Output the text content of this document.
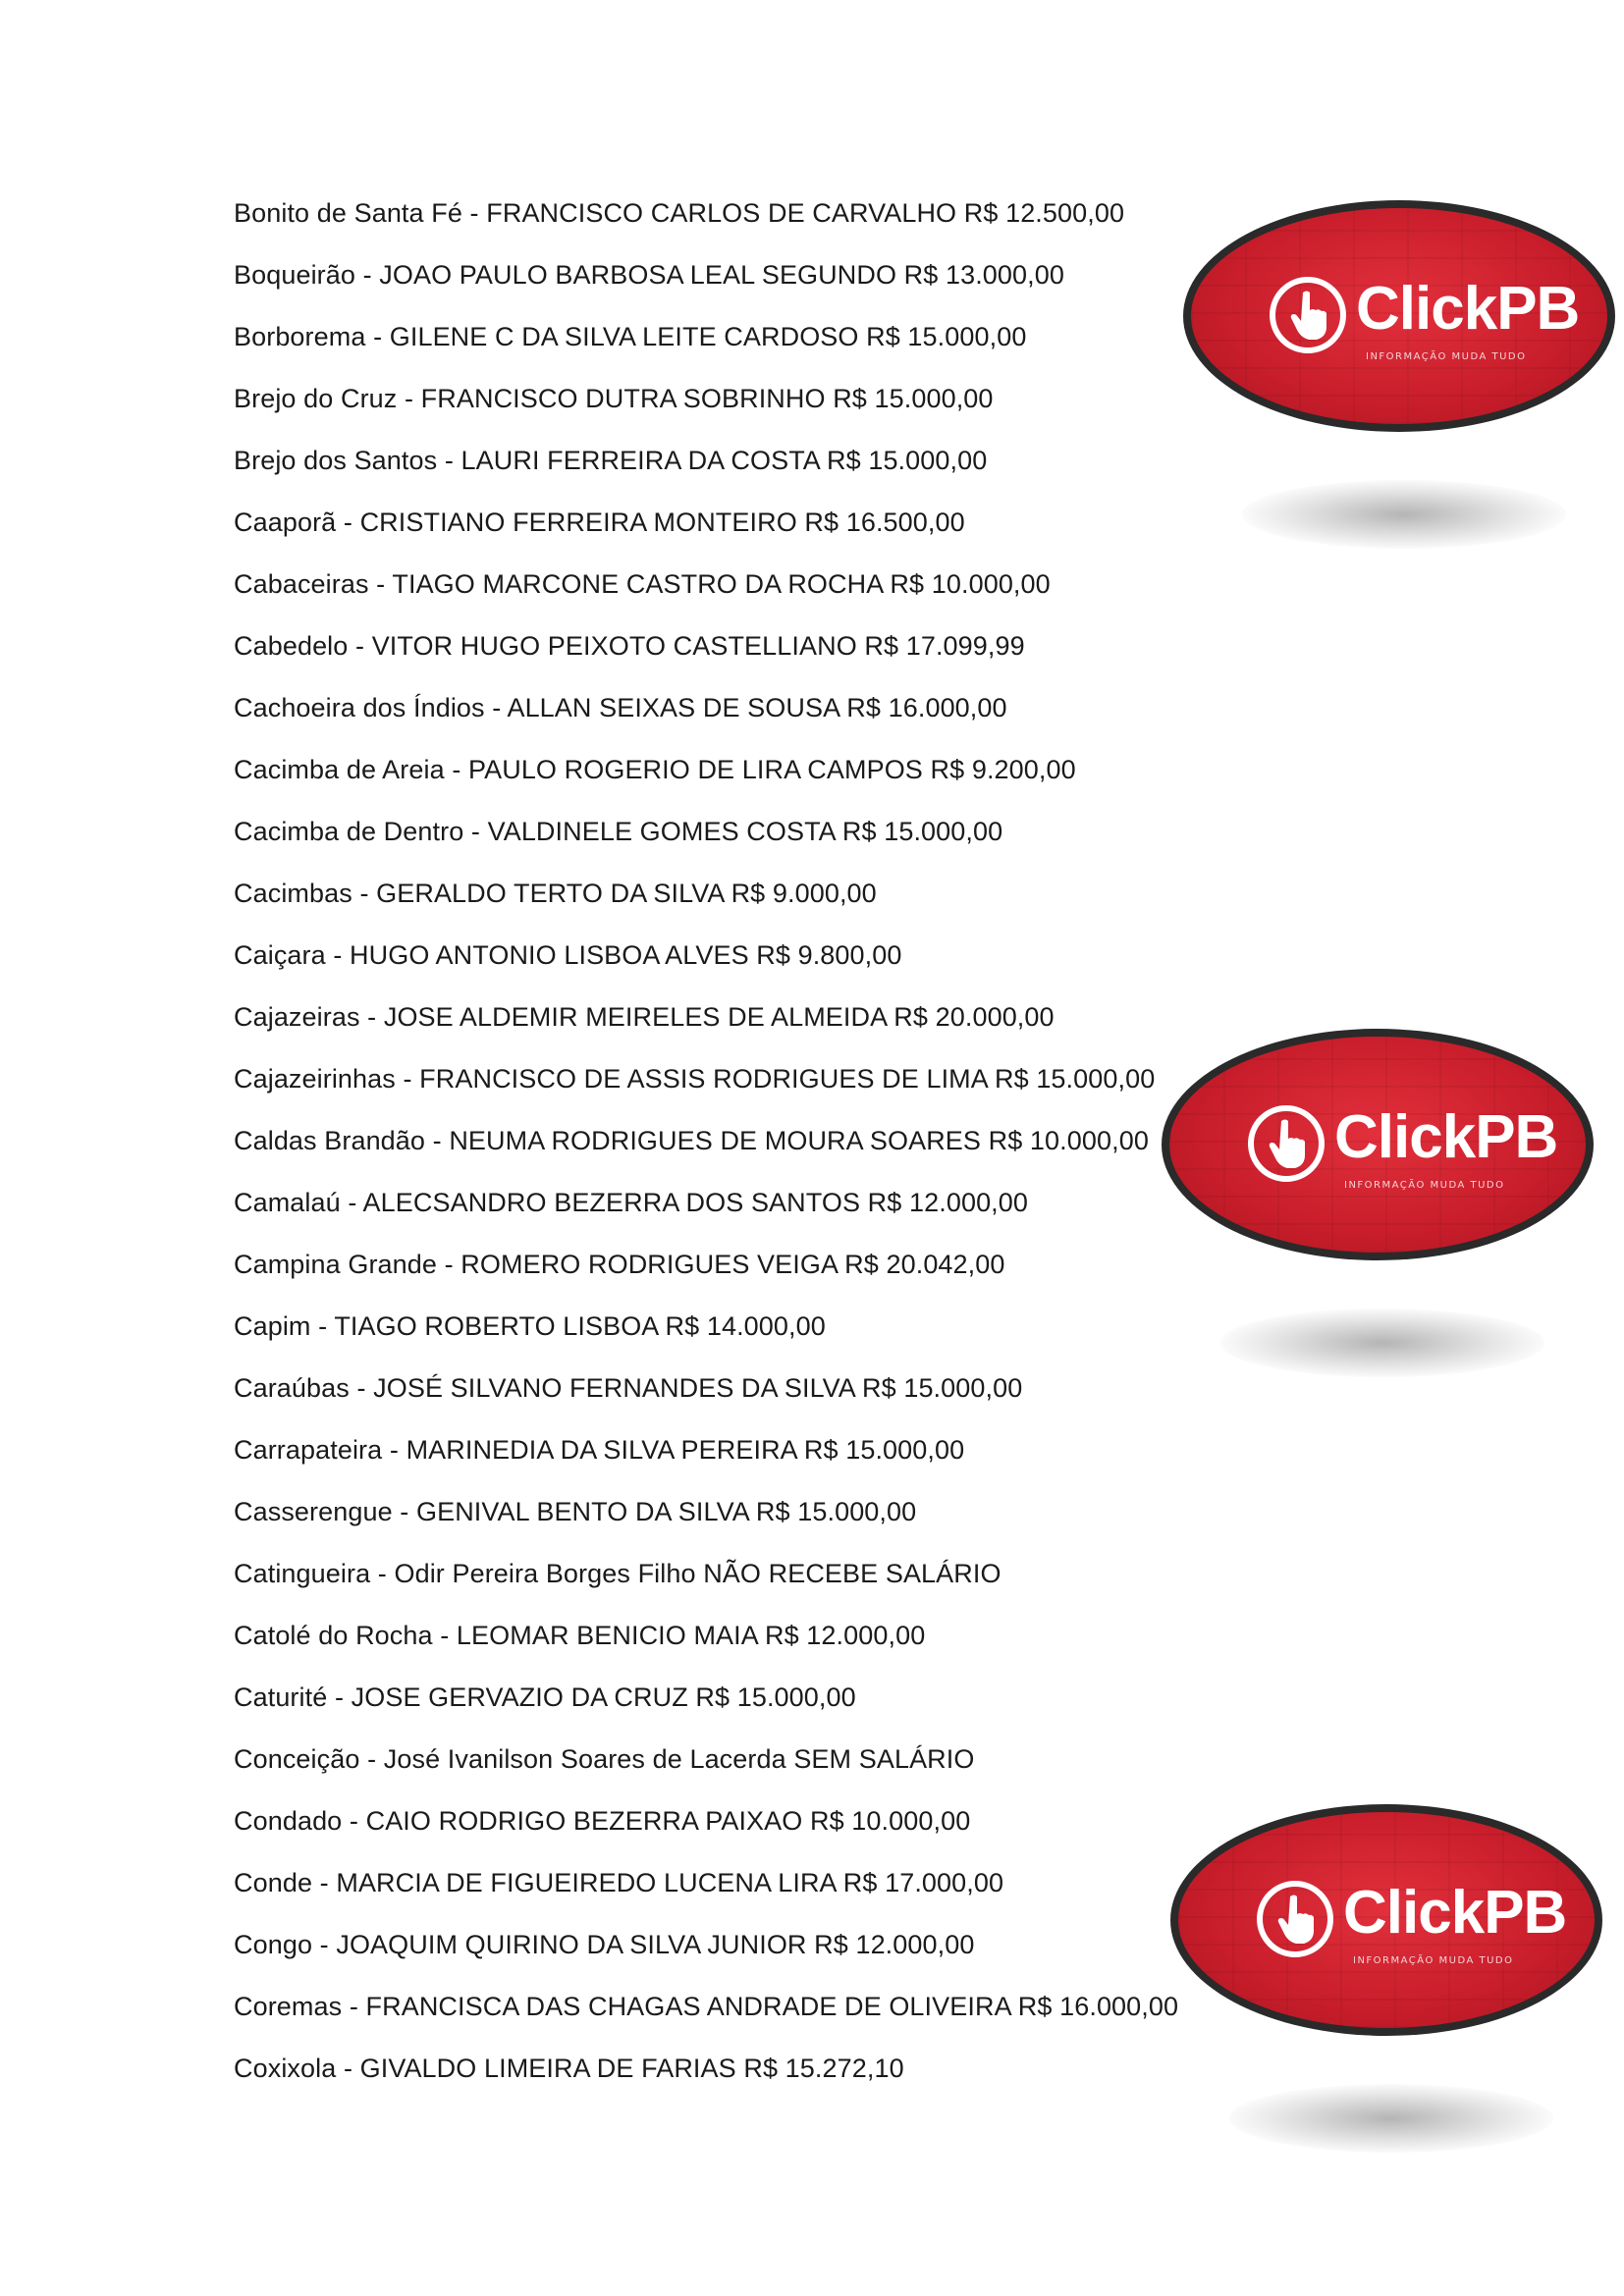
Bonito de Santa Fé - FRANCISCO CARLOS DE CARVALHO R$ 12.500,00
Boqueirão - JOAO PAULO BARBOSA LEAL SEGUNDO R$ 13.000,00
Borborema - GILENE C DA SILVA LEITE CARDOSO R$ 15.000,00
Brejo do Cruz - FRANCISCO DUTRA SOBRINHO R$ 15.000,00
Brejo dos Santos - LAURI FERREIRA DA COSTA R$ 15.000,00
Caaporã - CRISTIANO FERREIRA MONTEIRO R$ 16.500,00
Cabaceiras - TIAGO MARCONE CASTRO DA ROCHA R$ 10.000,00
Cabedelo - VITOR HUGO PEIXOTO CASTELLIANO R$ 17.099,99
Cachoeira dos Índios - ALLAN SEIXAS DE SOUSA R$ 16.000,00
Cacimba de Areia - PAULO ROGERIO DE LIRA CAMPOS R$ 9.200,00
Cacimba de Dentro - VALDINELE GOMES COSTA R$ 15.000,00
Cacimbas - GERALDO TERTO DA SILVA R$ 9.000,00
Caiçara - HUGO ANTONIO LISBOA ALVES R$ 9.800,00
Cajazeiras - JOSE ALDEMIR MEIRELES DE ALMEIDA R$ 20.000,00
Cajazeirinhas - FRANCISCO DE ASSIS RODRIGUES DE LIMA R$ 15.000,00
Caldas Brandão - NEUMA RODRIGUES DE MOURA SOARES R$ 10.000,00
Camalaú - ALECSANDRO BEZERRA DOS SANTOS R$ 12.000,00
Campina Grande - ROMERO RODRIGUES VEIGA R$ 20.042,00
Capim - TIAGO ROBERTO LISBOA R$ 14.000,00
Caraúbas - JOSÉ SILVANO FERNANDES DA SILVA R$ 15.000,00
Carrapateira - MARINEDIA DA SILVA PEREIRA R$ 15.000,00
Casserengue - GENIVAL BENTO DA SILVA R$ 15.000,00
Catingueira - Odir Pereira Borges Filho NÃO RECEBE SALÁRIO
Catolé do Rocha - LEOMAR BENICIO MAIA R$ 12.000,00
Caturité - JOSE GERVAZIO DA CRUZ R$ 15.000,00
Conceição - José Ivanilson Soares de Lacerda SEM SALÁRIO
Condado - CAIO RODRIGO BEZERRA PAIXAO R$ 10.000,00
Conde - MARCIA DE FIGUEIREDO LUCENA LIRA R$ 17.000,00
Congo - JOAQUIM QUIRINO DA SILVA JUNIOR R$ 12.000,00
Coremas - FRANCISCA DAS CHAGAS ANDRADE DE OLIVEIRA R$ 16.000,00
Coxixola - GIVALDO LIMEIRA DE FARIAS R$ 15.272,10
ClickPB
INFORMAÇÃO MUDA TUDO
ClickPB
INFORMAÇÃO MUDA TUDO
ClickPB
INFORMAÇÃO MUDA TUDO
